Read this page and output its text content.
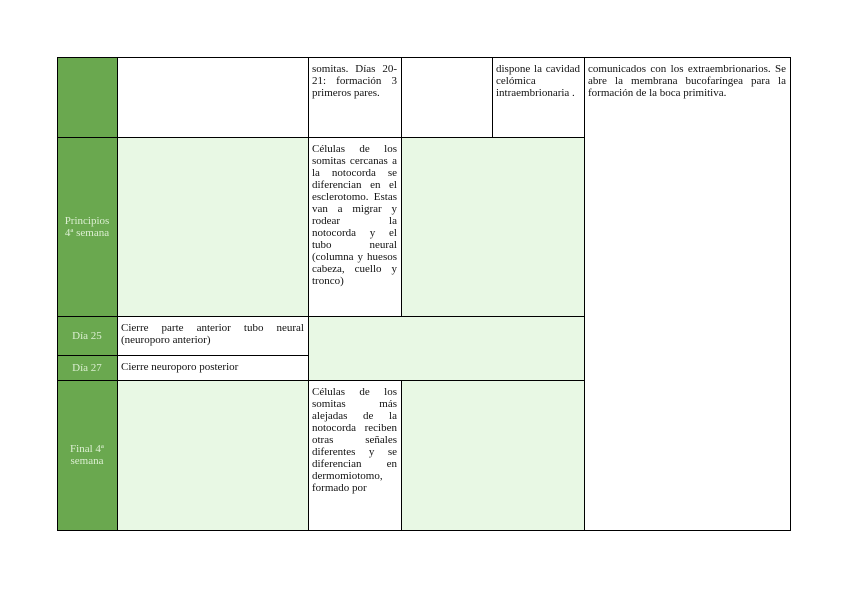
Principios 4ª semana
Día 25
Día 27
Final 4ª semana
somitas. Días 20-21: formación 3 primeros pares.
dispone la cavidad celómica intraembrionaria .
comunicados con los extraembrionarios. Se abre la membrana bucofaríngea para la formación de la boca primitiva.
Células de los somitas cercanas a la notocorda se diferencian en el esclerotomo. Estas van a migrar y rodear la notocorda y el tubo neural (columna y huesos cabeza, cuello y tronco)
Cierre parte anterior tubo neural (neuroporo anterior)
Cierre neuroporo posterior
Células de los somitas más alejadas de la notocorda reciben otras señales diferentes y se diferencian en dermomiotomo, formado por
